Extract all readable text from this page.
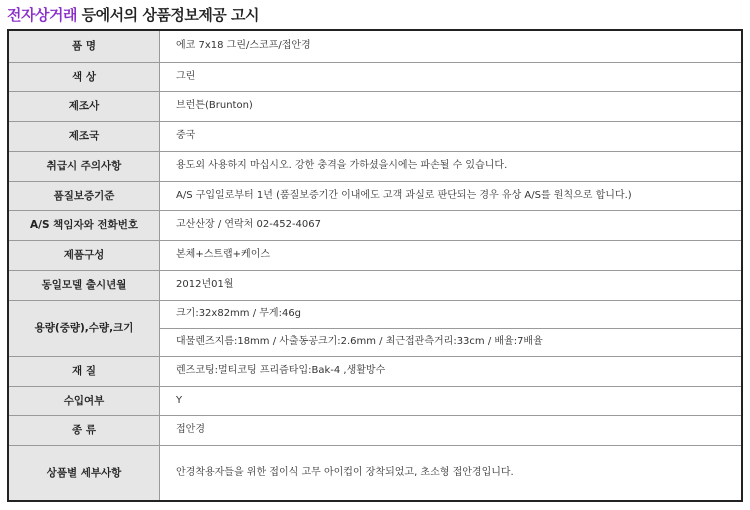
전자상거래 등에서의 상품정보제공 고시
품 명	에코 7x18 그린/스코프/접안경
색 상	그린
제조사	브런튼(Brunton)
제조국	중국
취급시 주의사항	용도외 사용하지 마십시오. 강한 충격을 가하셨을시에는 파손될 수 있습니다.
품질보증기준	A/S 구입일로부터 1년 (품질보증기간 이내에도 고객 과실로 판단되는 경우 유상 A/S를 원칙으로 합니다.)
A/S 책임자와 전화번호	고산산장 / 연락처 02-452-4067
제품구성	본체+스트랩+케이스
동일모델 출시년월	2012년01월
용량(중량),수량,크기	크기:32x82mm / 무게:46g
	대물렌즈지름:18mm / 사출동공크기:2.6mm / 최근접관측거리:33cm / 배율:7배율
재 질	렌즈코팅:멀티코팅 프리즘타입:Bak-4 ,생활방수
수입여부	Y
종 류	접안경
상품별 세부사항	안경착용자들을 위한 접이식 고무 아이컵이 장착되었고, 초소형 접안경입니다.
